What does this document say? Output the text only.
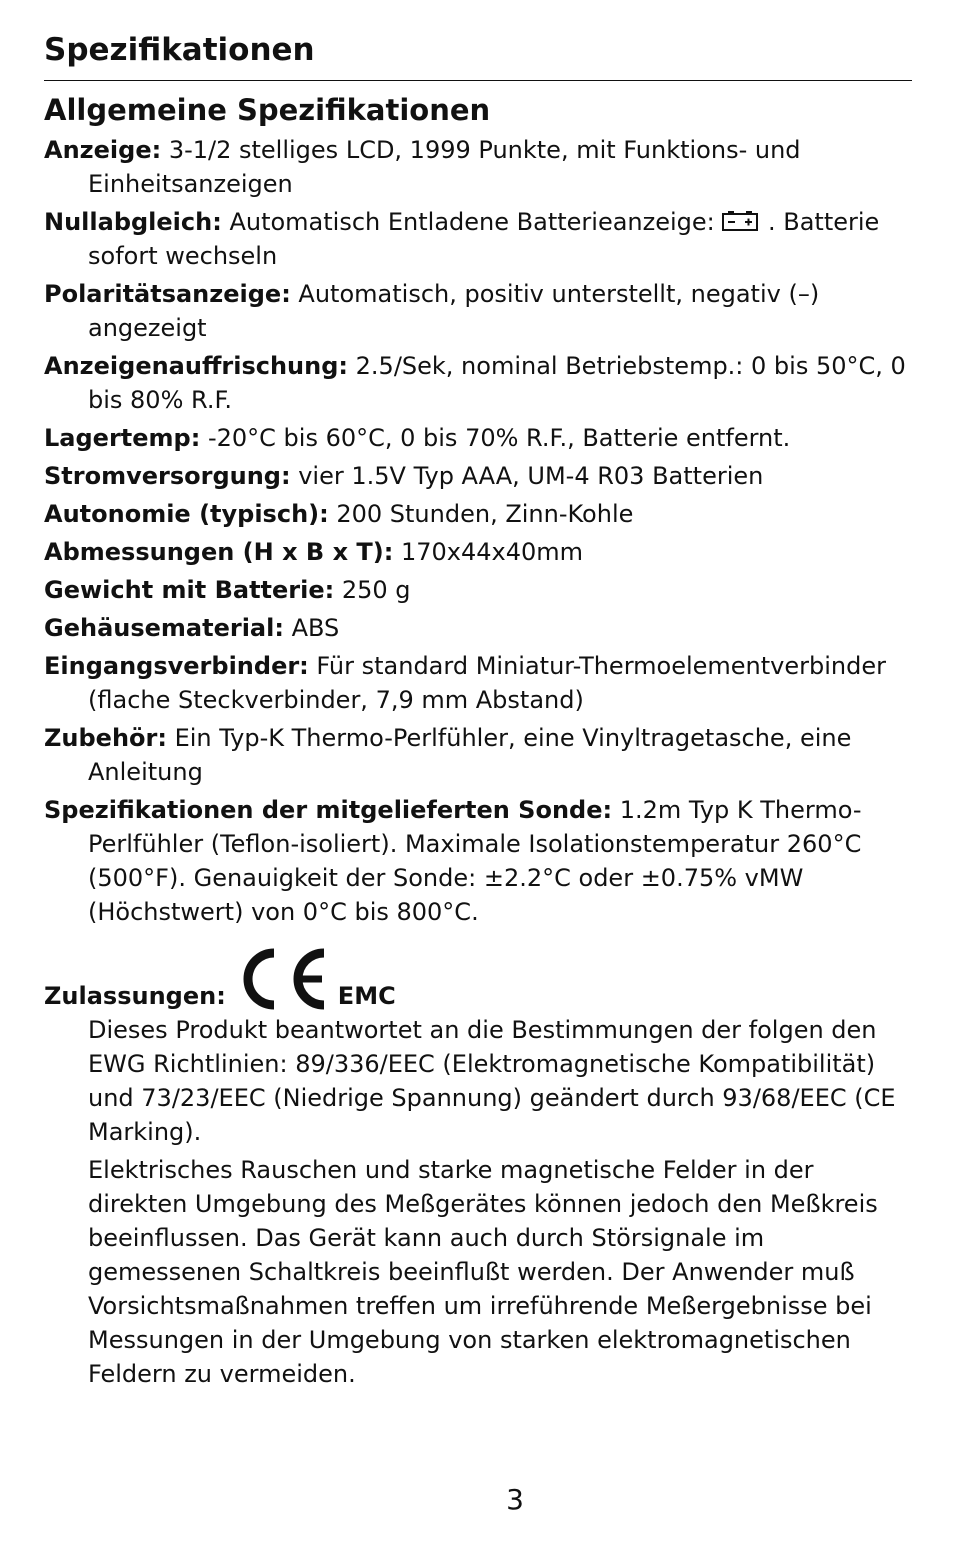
Spezifikationen
Allgemeine Spezifikationen

Anzeige: 3-1/2 stelliges LCD, 1999 Punkte, mit Funktions- und Einheitsanzeigen

Nullabgleich: Automatisch Entladene Batterieanzeige:  . Batterie sofort wechseln

Polaritätsanzeige: Automatisch, positiv unterstellt, negativ (–) angezeigt

Anzeigenauffrischung: 2.5/Sek, nominal Betriebstemp.: 0 bis 50°C, 0 bis 80% R.F.

Lagertemp: -20°C bis 60°C, 0 bis 70% R.F., Batterie entfernt.

Stromversorgung: vier 1.5V Typ AAA, UM-4 R03 Batterien

Autonomie (typisch): 200 Stunden, Zinn-Kohle

Abmessungen (H x B x T): 170x44x40mm

Gewicht mit Batterie: 250 g

Gehäusematerial: ABS

Eingangsverbinder: Für standard Miniatur-Thermoelementverbinder (flache Steckverbinder, 7,9 mm Abstand)

Zubehör: Ein Typ-K Thermo-Perlfühler, eine Vinyltragetasche, eine Anleitung

Spezifikationen der mitgelieferten Sonde: 1.2m Typ K Thermo-Perlfühler (Teflon-isoliert). Maximale Isolationstemperatur 260°C (500°F). Genauigkeit der Sonde: ±2.2°C oder ±0.75% vMW (Höchstwert) von 0°C bis 800°C.

Zulassungen:	EMC

Dieses Produkt beantwortet an die Bestimmungen der folgen den EWG Richtlinien: 89/336/EEC (Elektromagnetische Kompatibilität) und 73/23/EEC (Niedrige Spannung) geändert durch 93/68/EEC (CE Marking).

Elektrisches Rauschen und starke magnetische Felder in der direkten Umgebung des Meßgerätes können jedoch den Meßkreis beeinflussen. Das Gerät kann auch durch Störsignale im gemessenen Schaltkreis beeinflußt werden. Der Anwender muß Vorsichtsmaßnahmen treffen um irreführende Meßergebnisse bei Messungen in der Umgebung von starken elektromagnetischen Feldern zu vermeiden.

3
